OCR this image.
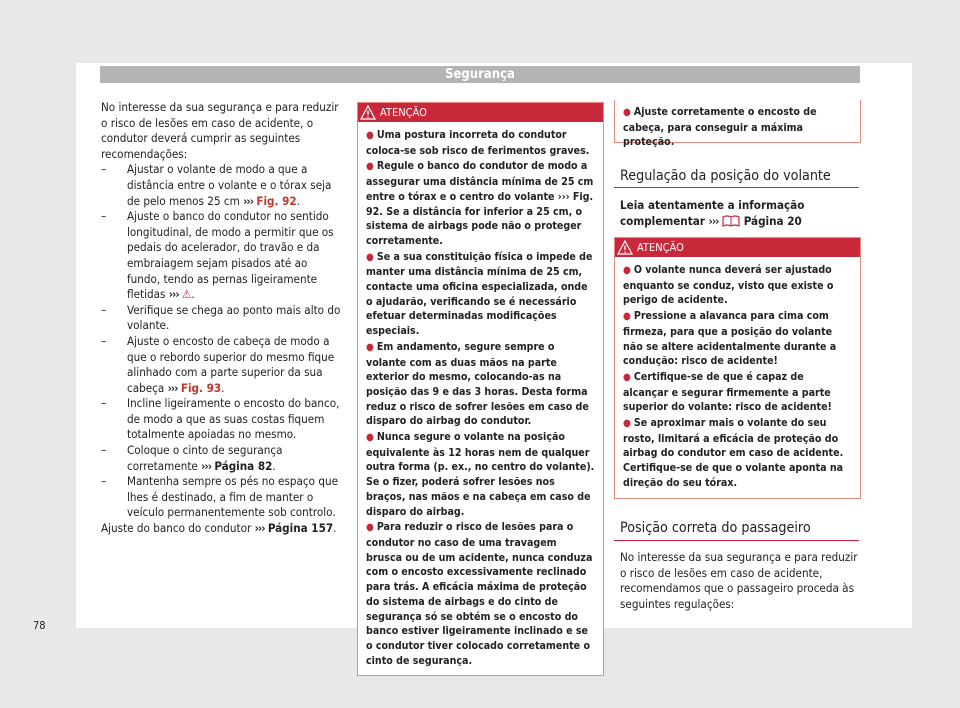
Segurança

No interesse da sua segurança e para reduzir o risco de lesões em caso de acidente, o condutor deverá cumprir as seguintes recomendações:

– Ajustar o volante de modo a que a distância entre o volante e o tórax seja de pelo menos 25 cm ››› Fig. 92.
– Ajuste o banco do condutor no sentido longitudinal, de modo a permitir que os pedais do acelerador, do travão e da embraiagem sejam pisados até ao fundo, tendo as pernas ligeiramente fletidas ››› ⚠.
– Verifique se chega ao ponto mais alto do volante.
– Ajuste o encosto de cabeça de modo a que o rebordo superior do mesmo fique alinhado com a parte superior da sua cabeça ››› Fig. 93.
– Incline ligeiramente o encosto do banco, de modo a que as suas costas fiquem totalmente apoiadas no mesmo.
– Coloque o cinto de segurança corretamente ››› Página 82.
– Mantenha sempre os pés no espaço que lhes é destinado, a fim de manter o veículo permanentemente sob controlo.

Ajuste do banco do condutor ››› Página 157.

ATENÇÃO
● Uma postura incorreta do condutor coloca-se sob risco de ferimentos graves.
● Regule o banco do condutor de modo a assegurar uma distância mínima de 25 cm entre o tórax e o centro do volante ››› Fig. 92. Se a distância for inferior a 25 cm, o sistema de airbags pode não o proteger corretamente.
● Se a sua constituição física o impede de manter uma distância mínima de 25 cm, contacte uma oficina especializada, onde o ajudarão, verificando se é necessário efetuar determinadas modificações especiais.
● Em andamento, segure sempre o volante com as duas mãos na parte exterior do mesmo, colocando-as na posição das 9 e das 3 horas. Desta forma reduz o risco de sofrer lesões em caso de disparo do airbag do condutor.
● Nunca segure o volante na posição equivalente às 12 horas nem de qualquer outra forma (p. ex., no centro do volante). Se o fizer, poderá sofrer lesões nos braços, nas mãos e na cabeça em caso de disparo do airbag.
● Para reduzir o risco de lesões para o condutor no caso de uma travagem brusca ou de um acidente, nunca conduza com o encosto excessivamente reclinado para trás. A eficácia máxima de proteção do sistema de airbags e do cinto de segurança só se obtém se o encosto do banco estiver ligeiramente inclinado e se o condutor tiver colocado corretamente o cinto de segurança.
● Ajuste corretamente o encosto de cabeça, para conseguir a máxima proteção.
Regulação da posição do volante
Leia atentamente a informação complementar ››› Página 20
ATENÇÃO
● O volante nunca deverá ser ajustado enquanto se conduz, visto que existe o perigo de acidente.
● Pressione a alavanca para cima com firmeza, para que a posição do volante não se altere acidentalmente durante a condução: risco de acidente!
● Certifique-se de que é capaz de alcançar e segurar firmemente a parte superior do volante: risco de acidente!
● Se aproximar mais o volante do seu rosto, limitará a eficácia de proteção do airbag do condutor em caso de acidente. Certifique-se de que o volante aponta na direção do seu tórax.
Posição correta do passageiro

No interesse da sua segurança e para reduzir o risco de lesões em caso de acidente, recomendamos que o passageiro proceda às seguintes regulações:

78
